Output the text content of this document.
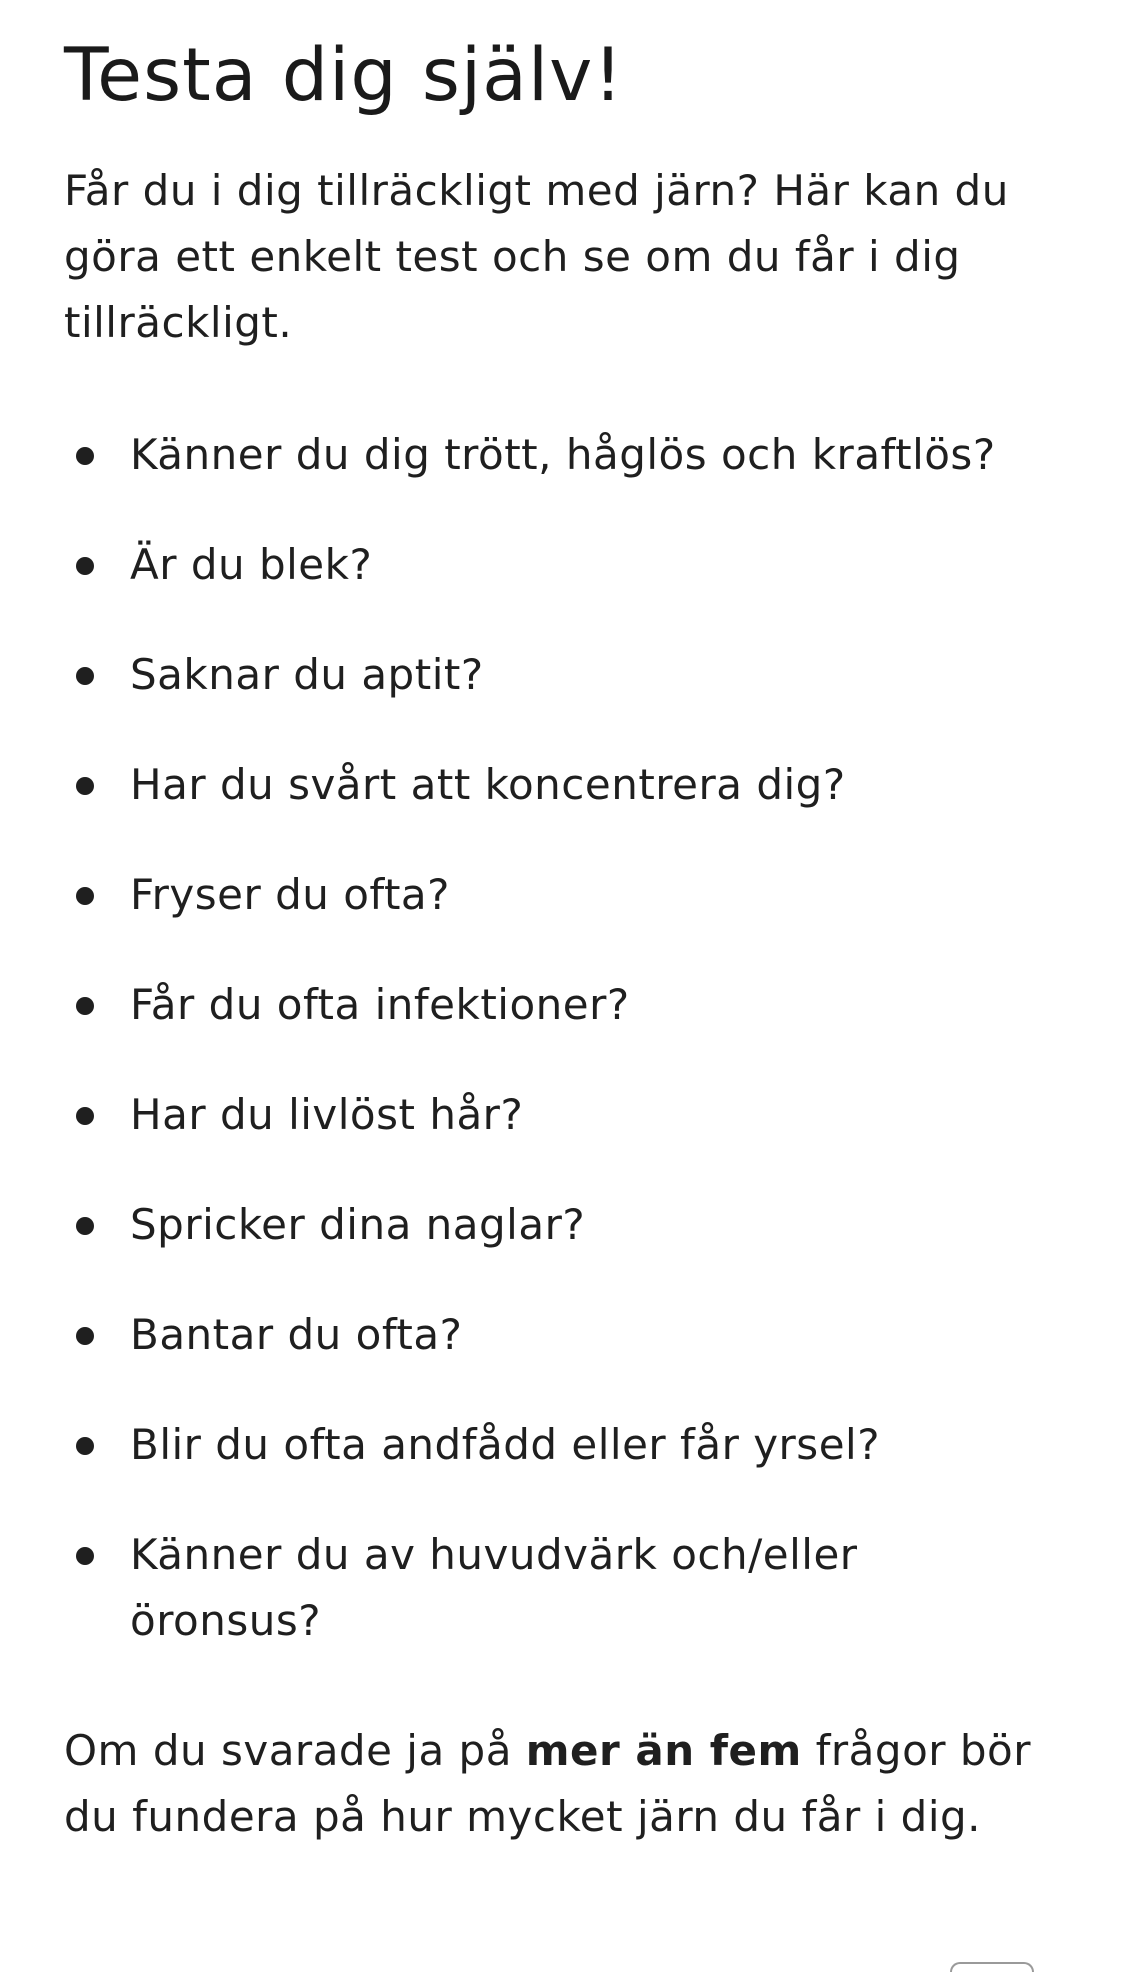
Testa dig själv!

Får du i dig tillräckligt med järn? Här kan du göra ett enkelt test och se om du får i dig tillräckligt.

Känner du dig trött, håglös och kraftlös?
Är du blek?
Saknar du aptit?
Har du svårt att koncentrera dig?
Fryser du ofta?
Får du ofta infektioner?
Har du livlöst hår?
Spricker dina naglar?
Bantar du ofta?
Blir du ofta andfådd eller får yrsel?
Känner du av huvudvärk och/eller öronsus?

Om du svarade ja på mer än fem frågor bör du fundera på hur mycket järn du får i dig.
